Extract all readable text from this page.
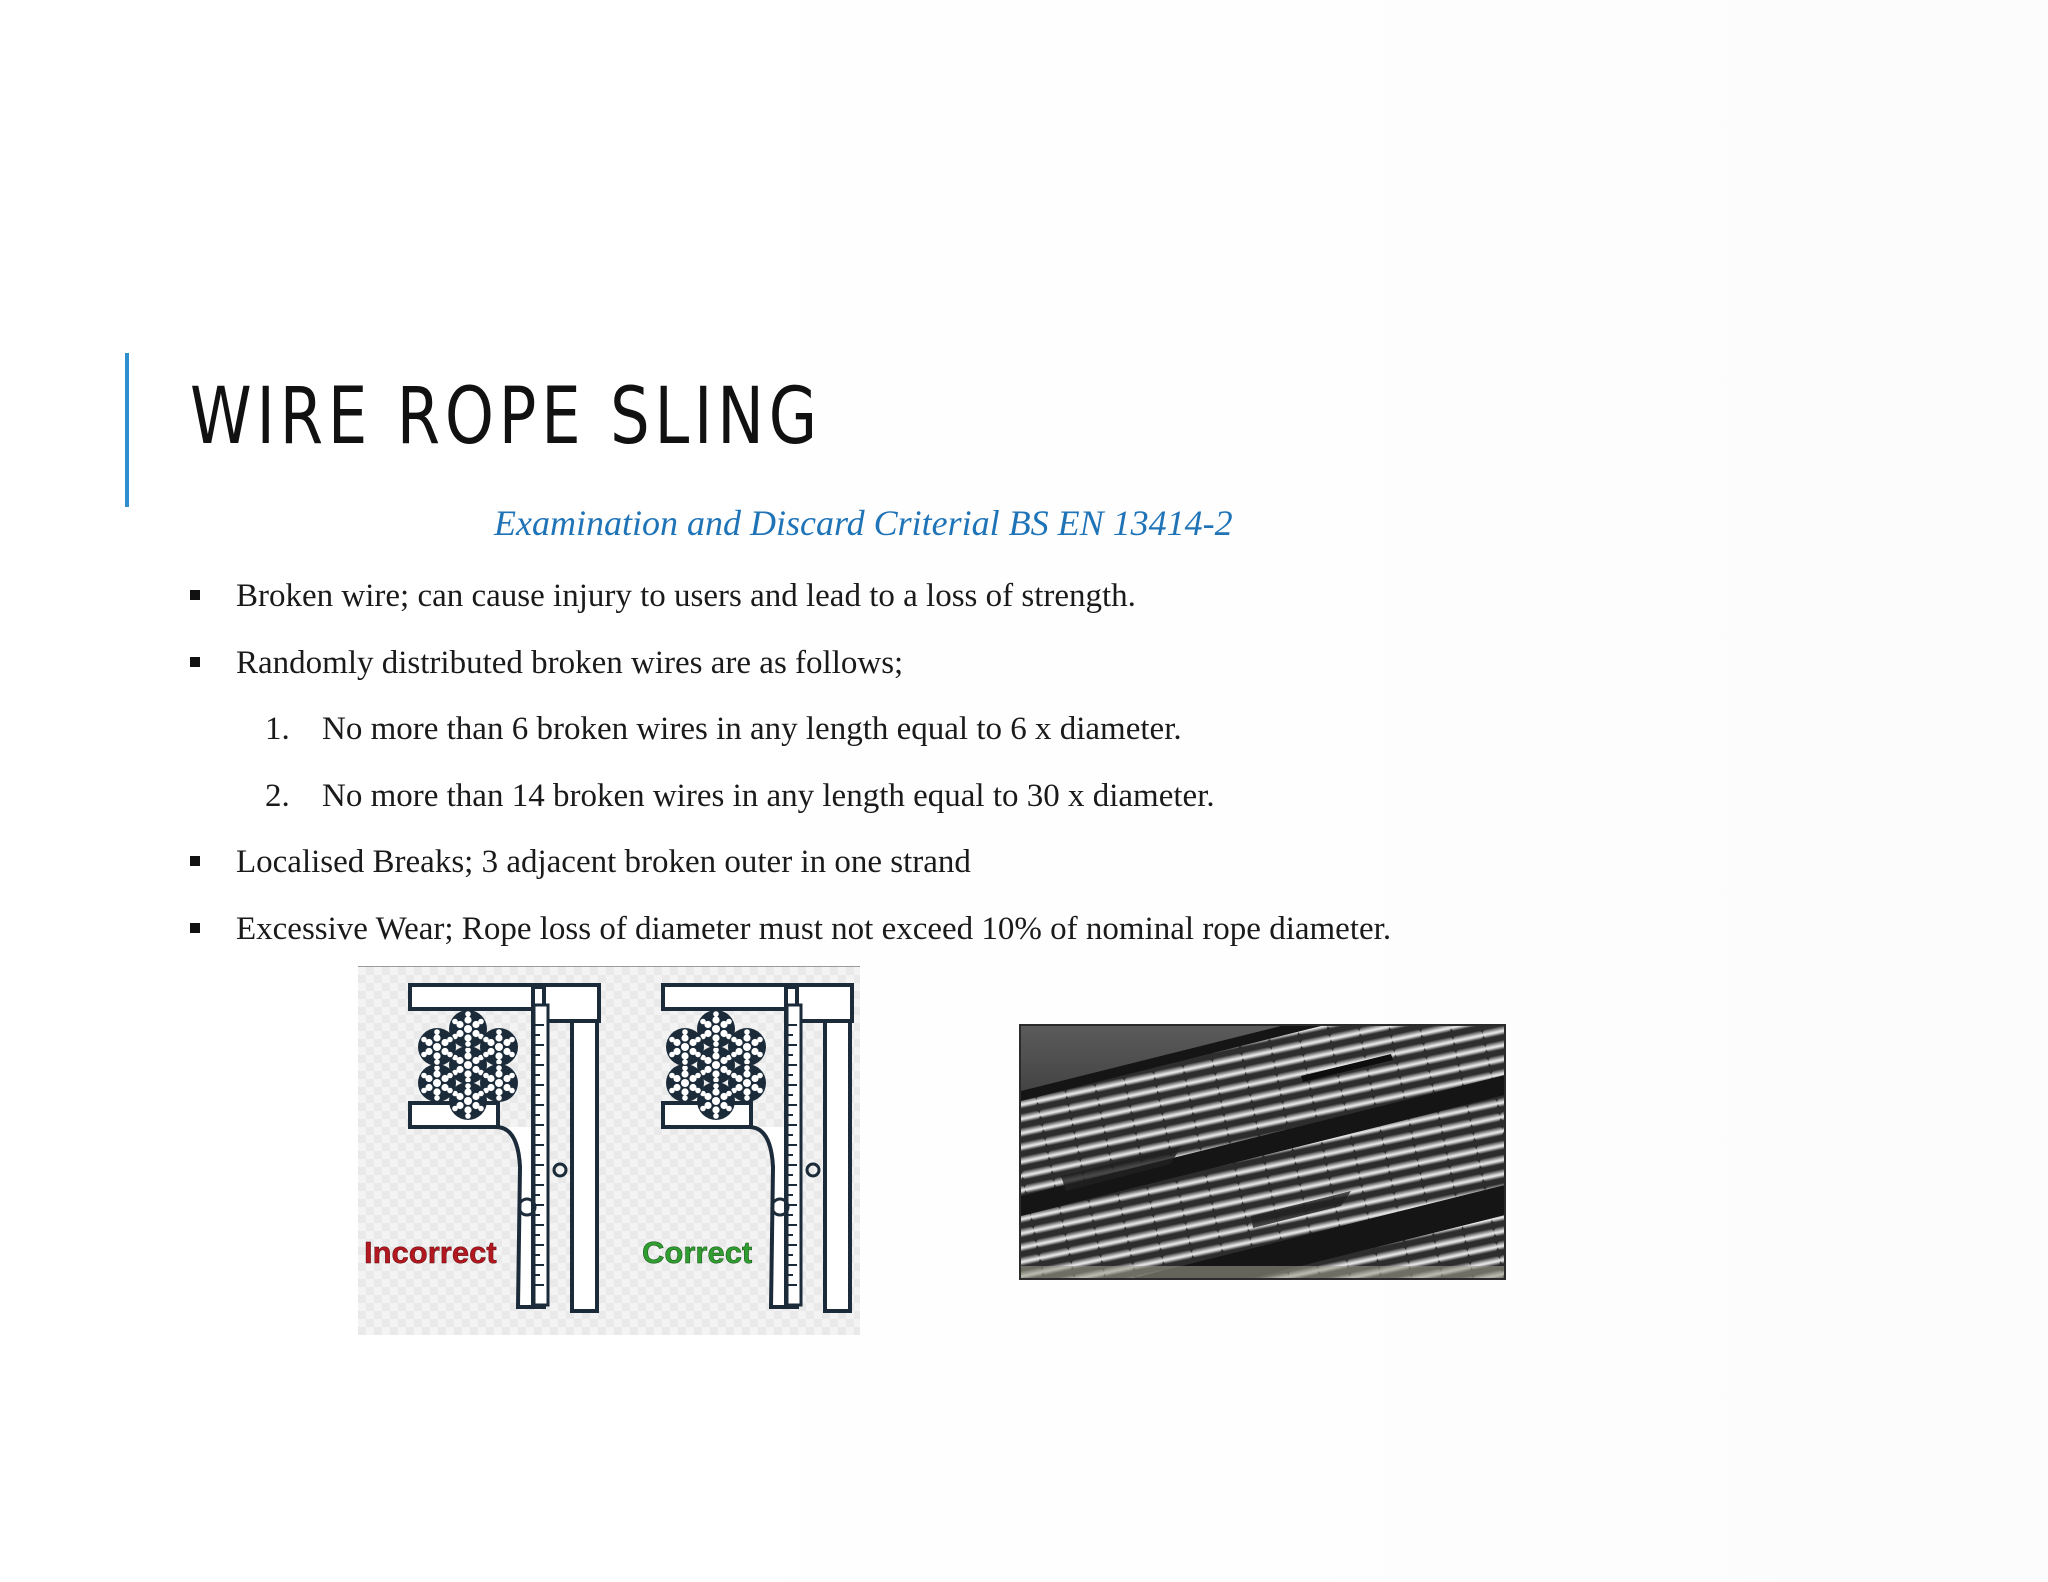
WIRE ROPE SLING
Examination and Discard Criterial BS EN 13414-2
Broken wire; can cause injury to users and lead to a loss of strength.
Randomly distributed broken wires are as follows;
1. No more than 6 broken wires in any length equal to 6 x diameter.
2. No more than 14 broken wires in any length equal to 30 x diameter.
Localised Breaks; 3 adjacent broken outer in one strand
Excessive Wear; Rope loss of diameter must not exceed 10% of nominal rope diameter.
Incorrect	Correct
